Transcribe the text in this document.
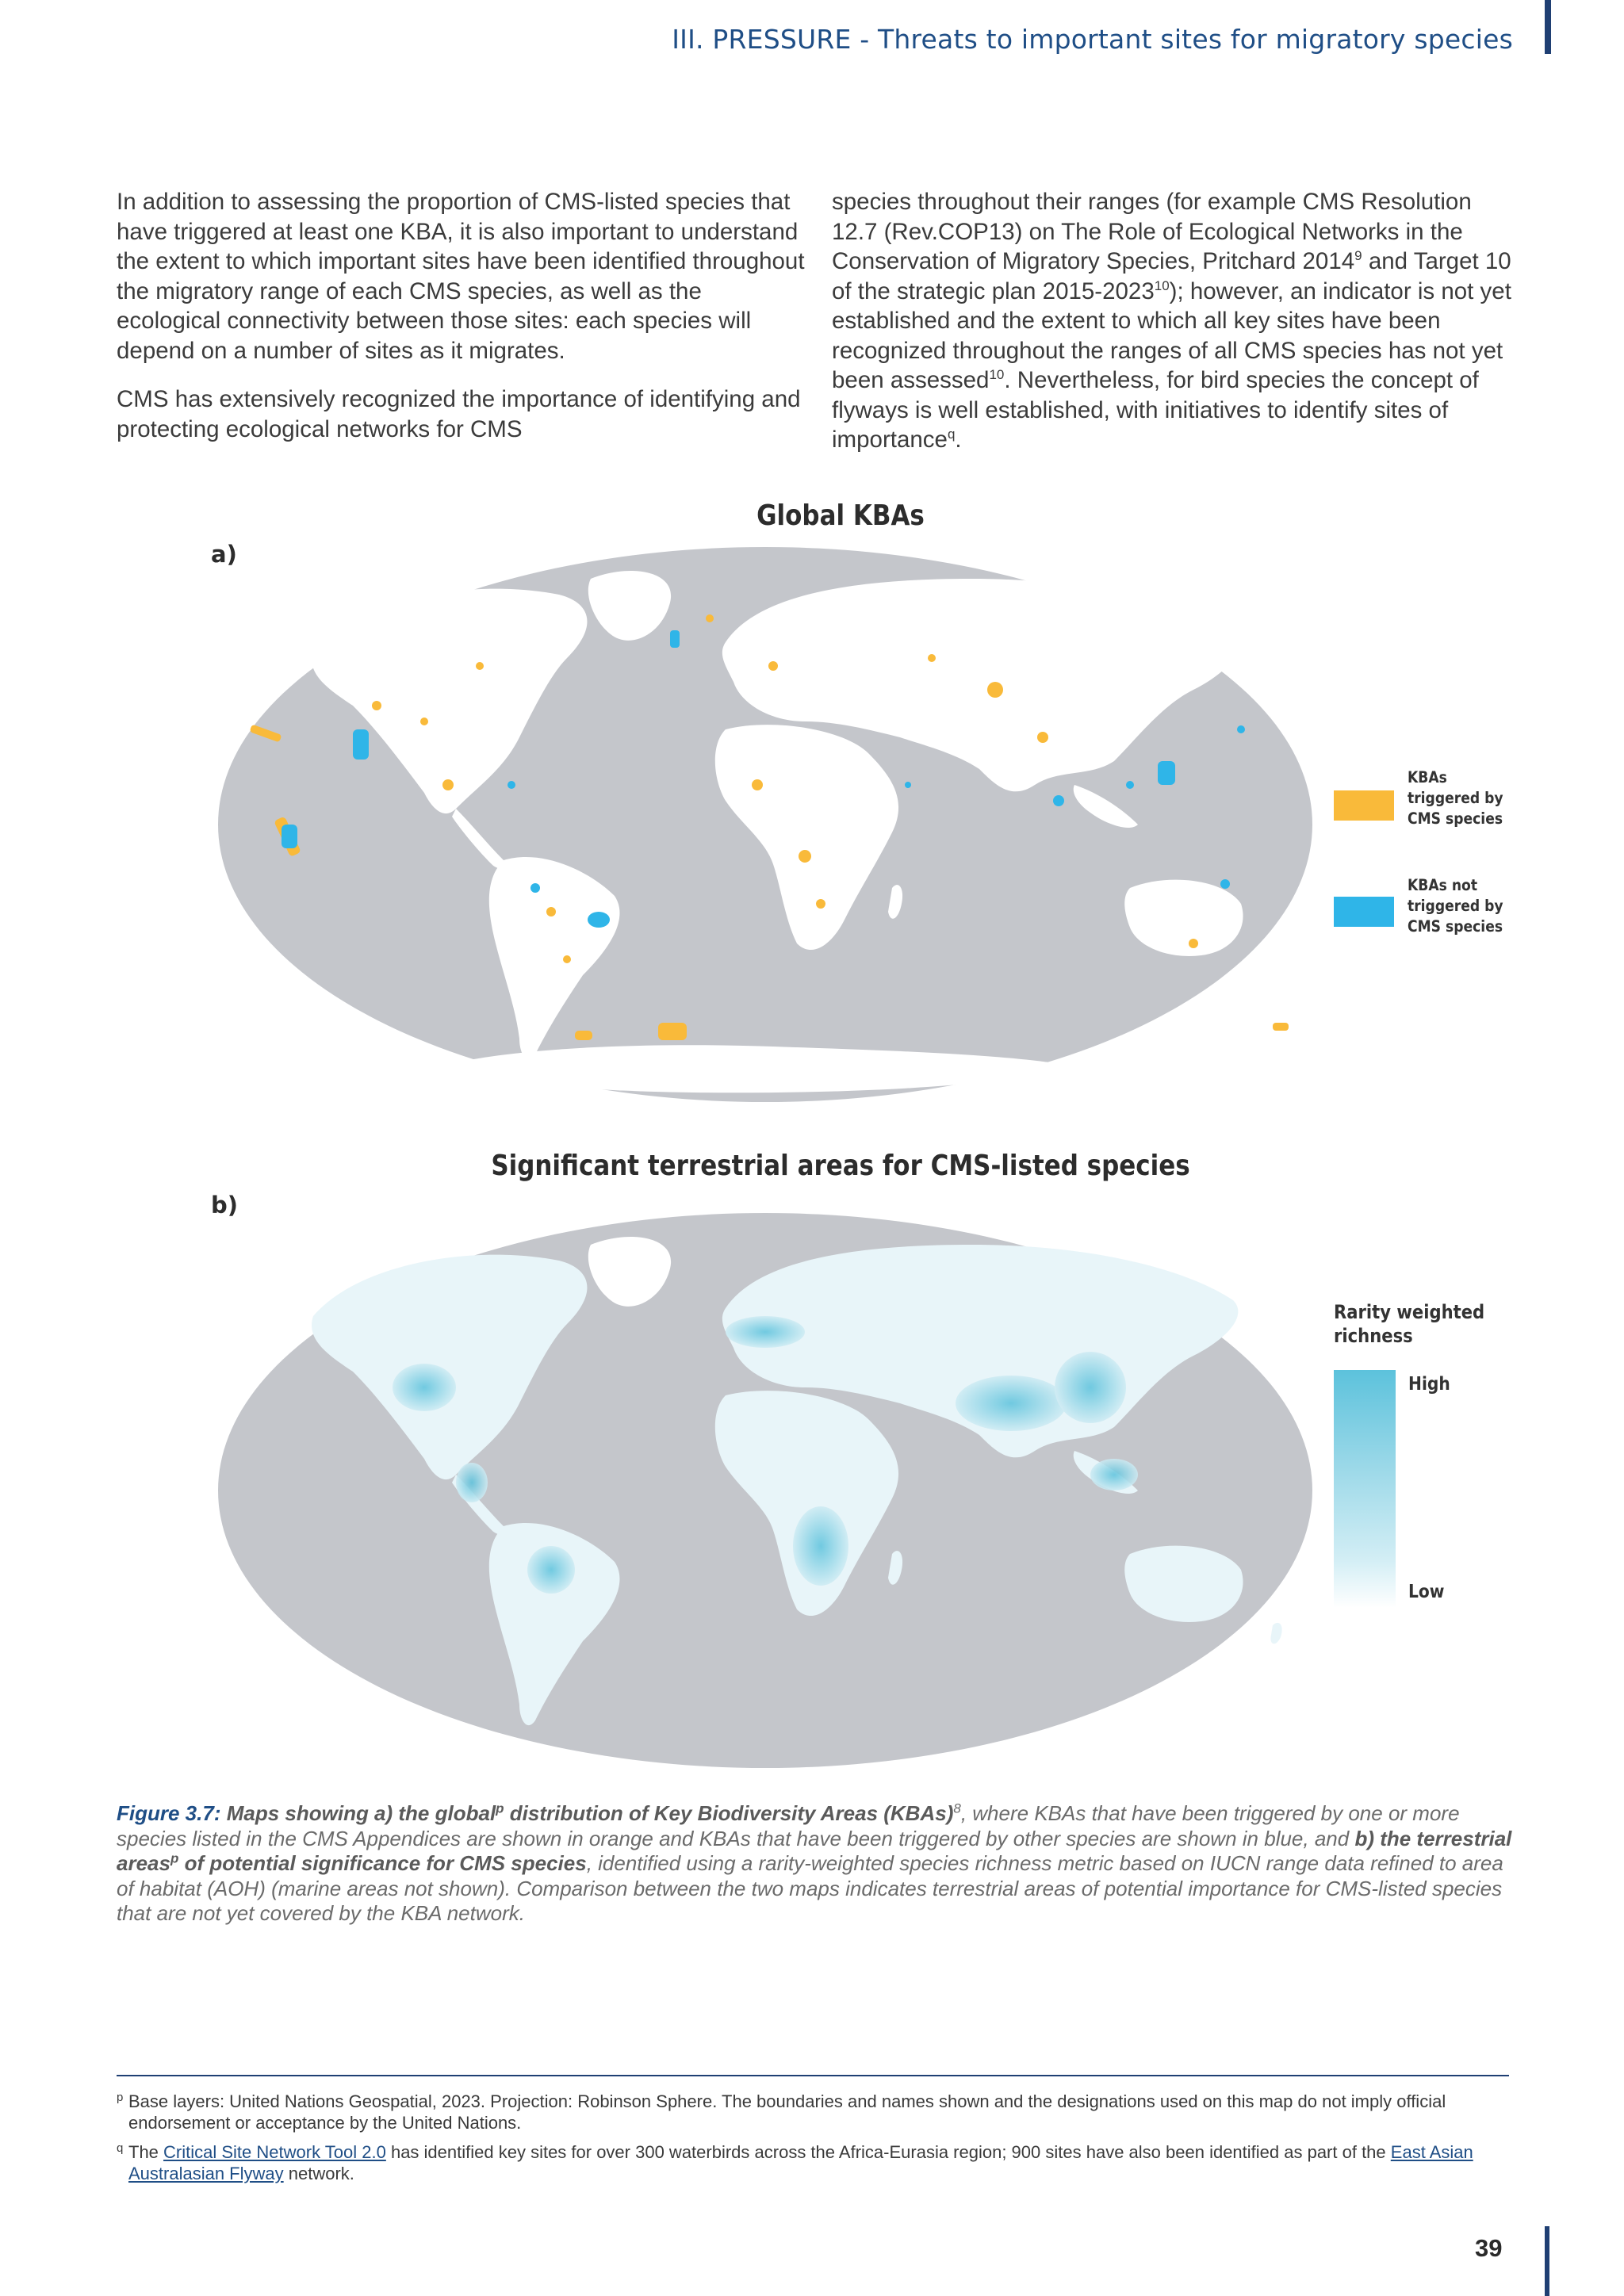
III. PRESSURE - Threats to important sites for migratory species

In addition to assessing the proportion of CMS-listed species that have triggered at least one KBA, it is also important to understand the extent to which important sites have been identified throughout the migratory range of each CMS species, as well as the ecological connectivity between those sites: each species will depend on a number of sites as it migrates.

CMS has extensively recognized the importance of identifying and protecting ecological networks for CMS

species throughout their ranges (for example CMS Resolution 12.7 (Rev.COP13) on The Role of Ecological Networks in the Conservation of Migratory Species, Pritchard 2014$^9$ and Target 10 of the strategic plan 2015-2023$^{10}$); however, an indicator is not yet established and the extent to which all key sites have been recognized throughout the ranges of all CMS species has not yet been assessed$^{10}$. Nevertheless, for bird species the concept of flyways is well established, with initiatives to identify sites of importance$^q$.

Global KBAs
a)
KBAs triggered by CMS species
KBAs not triggered by CMS species
Significant terrestrial areas for CMS-listed species
b)
Rarity weighted richness
High
Low
Figure 3.7: Maps showing a) the global$^p$ distribution of Key Biodiversity Areas (KBAs)$^8$, where KBAs that have been triggered by one or more species listed in the CMS Appendices are shown in orange and KBAs that have been triggered by other species are shown in blue, and b) the terrestrial areas$^p$ of potential significance for CMS species, identified using a rarity-weighted species richness metric based on IUCN range data refined to area of habitat (AOH) (marine areas not shown). Comparison between the two maps indicates terrestrial areas of potential importance for CMS-listed species that are not yet covered by the KBA network.
p Base layers: United Nations Geospatial, 2023. Projection: Robinson Sphere. The boundaries and names shown and the designations used on this map do not imply official endorsement or acceptance by the United Nations.
q The Critical Site Network Tool 2.0 has identified key sites for over 300 waterbirds across the Africa-Eurasia region; 900 sites have also been identified as part of the East Asian Australasian Flyway network.
39
